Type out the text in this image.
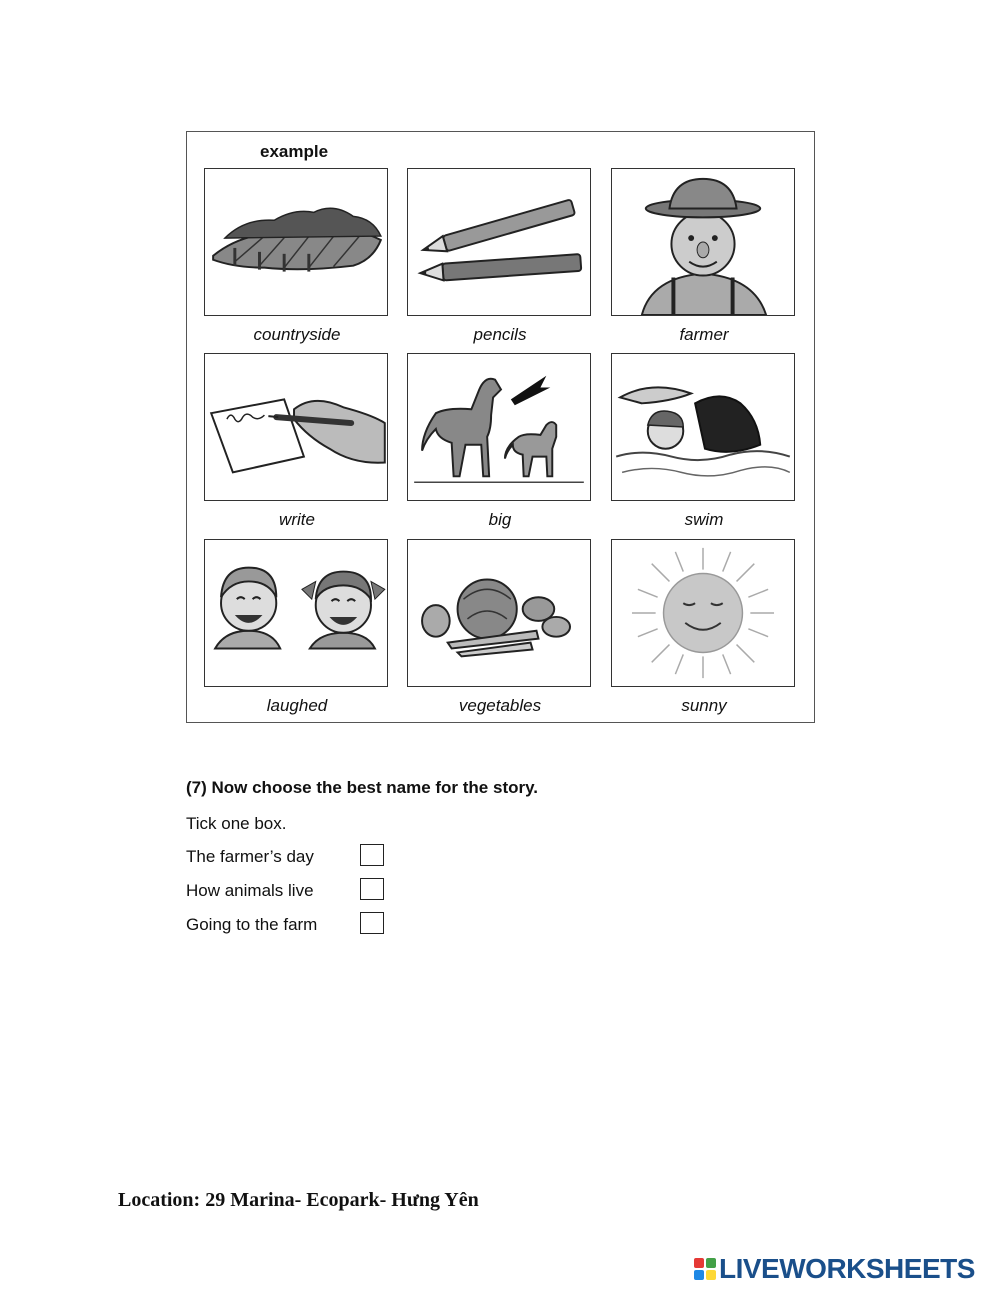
example
countryside	pencils	farmer
write	big	swim
laughed	vegetables	sunny
(7) Now choose the best name for the story.
Tick one box.
The farmer’s day
How animals live
Going to the farm
Location: 29 Marina- Ecopark- Hưng Yên
LIVEWORKSHEETS
